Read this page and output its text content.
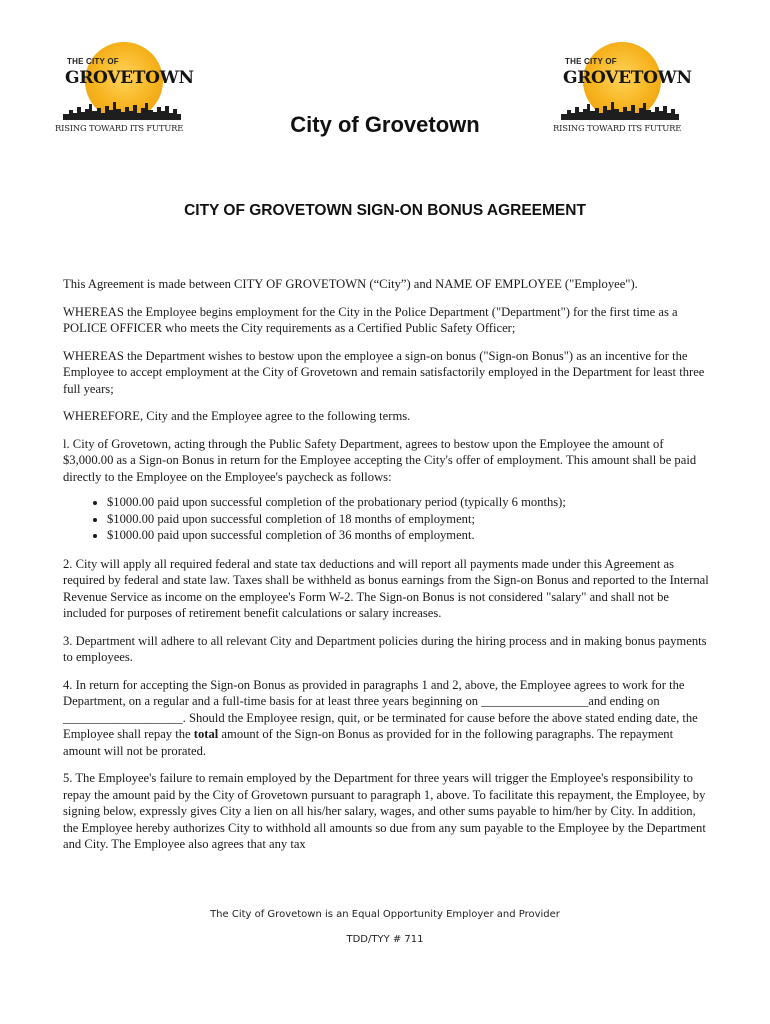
THE CITY OF
GROVETOWN
RISING TOWARD ITS FUTURE
THE CITY OF
GROVETOWN
RISING TOWARD ITS FUTURE
City of Grovetown
CITY OF GROVETOWN SIGN-ON BONUS AGREEMENT

This Agreement is made between CITY OF GROVETOWN (“City”) and NAME OF EMPLOYEE ("Employee").

WHEREAS the Employee begins employment for the City in the Police Department ("Department") for the first time as a POLICE OFFICER who meets the City requirements as a Certified Public Safety Officer;

WHEREAS the Department wishes to bestow upon the employee a sign-on bonus ("Sign-on Bonus") as an incentive for the Employee to accept employment at the City of Grovetown and remain satisfactorily employed in the Department for least three full years;

WHEREFORE, City and the Employee agree to the following terms.

l. City of Grovetown, acting through the Public Safety Department, agrees to bestow upon the Employee the amount of $3,000.00 as a Sign-on Bonus in return for the Employee accepting the City's offer of employment. This amount shall be paid directly to the Employee on the Employee's paycheck as follows:

• $1000.00 paid upon successful completion of the probationary period (typically 6 months);
• $1000.00 paid upon successful completion of 18 months of employment;
• $1000.00 paid upon successful completion of 36 months of employment.

2. City will apply all required federal and state tax deductions and will report all payments made under this Agreement as required by federal and state law. Taxes shall be withheld as bonus earnings from the Sign-on Bonus and reported to the Internal Revenue Service as income on the employee's Form W-2. The Sign-on Bonus is not considered "salary" and shall not be included for purposes of retirement benefit calculations or salary increases.

3. Department will adhere to all relevant City and Department policies during the hiring process and in making bonus payments to employees.

4. In return for accepting the Sign-on Bonus as provided in paragraphs 1 and 2, above, the Employee agrees to work for the Department, on a regular and a full-time basis for at least three years beginning on _________________and ending on ___________________. Should the Employee resign, quit, or be terminated for cause before the above stated ending date, the Employee shall repay the total amount of the Sign-on Bonus as provided for in the following paragraphs. The repayment amount will not be prorated.

5. The Employee's failure to remain employed by the Department for three years will trigger the Employee's responsibility to repay the amount paid by the City of Grovetown pursuant to paragraph 1, above. To facilitate this repayment, the Employee, by signing below, expressly gives City a lien on all his/her salary, wages, and other sums payable to him/her by City. In addition, the Employee hereby authorizes City to withhold all amounts so due from any sum payable to the Employee by the Department and City. The Employee also agrees that any tax

The City of Grovetown is an Equal Opportunity Employer and Provider
TDD/TYY # 711
